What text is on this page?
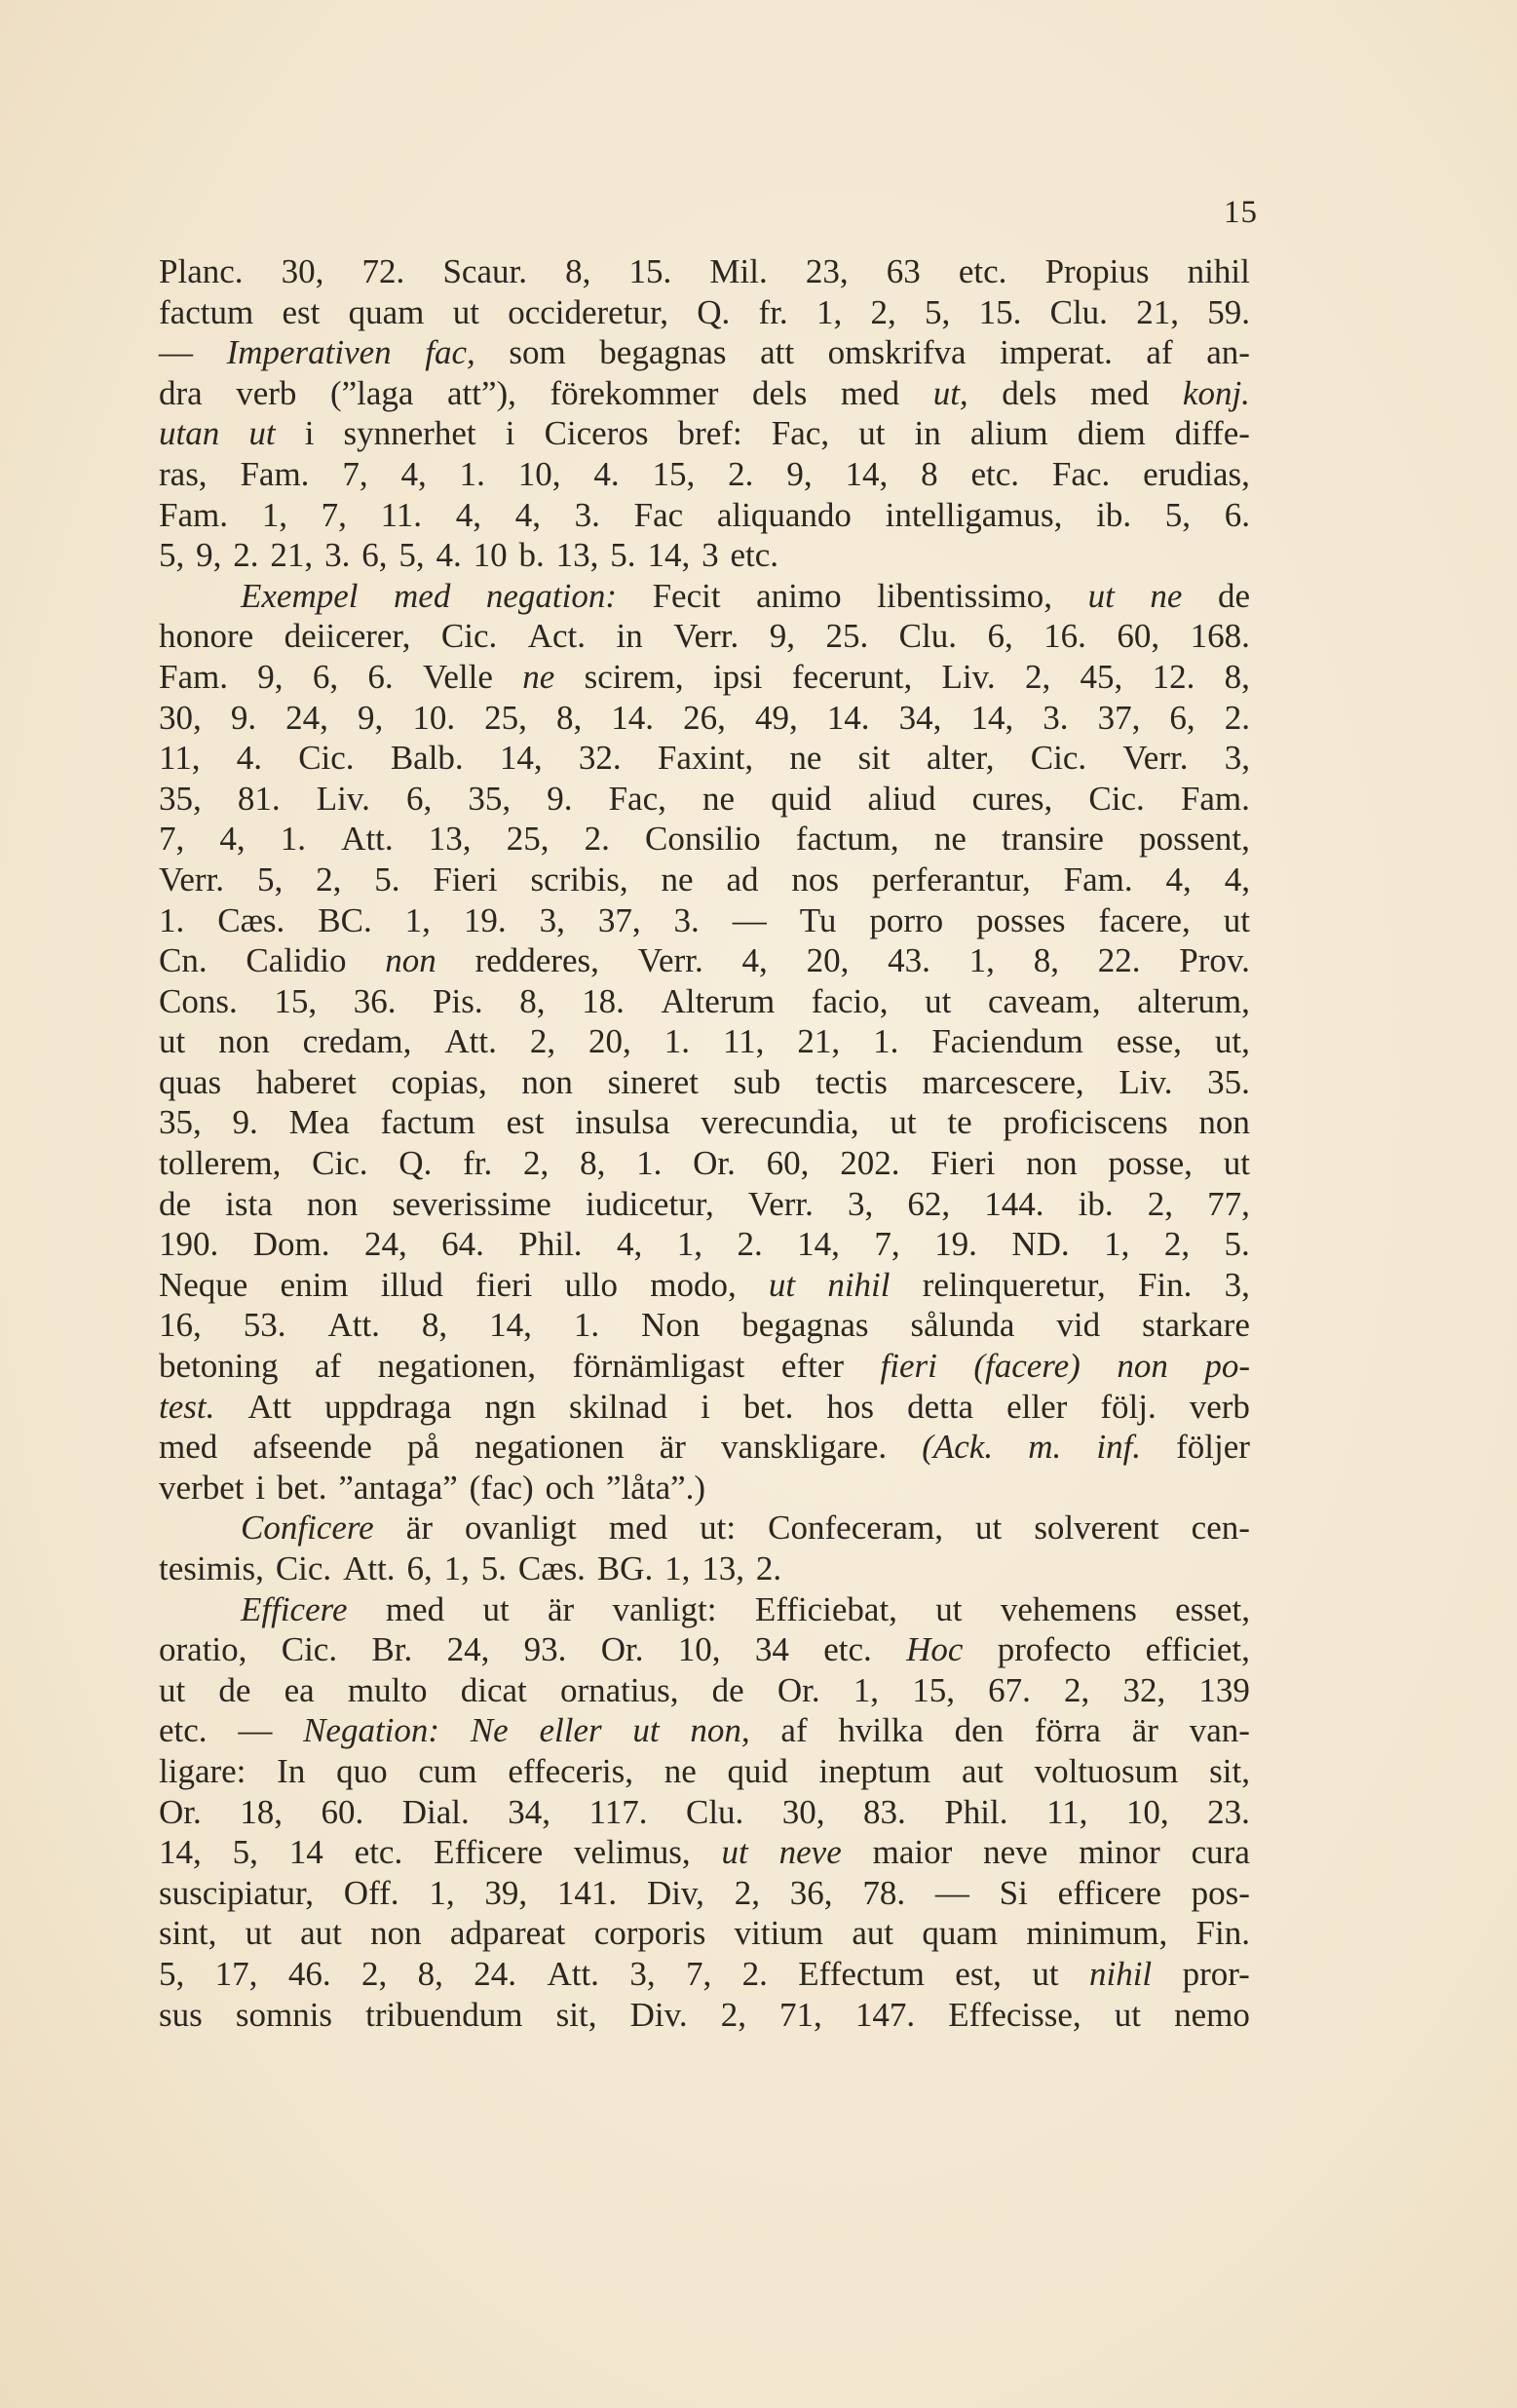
15
Planc. 30, 72. Scaur. 8, 15. Mil. 23, 63 etc. Propius nihil
factum est quam ut occideretur, Q. fr. 1, 2, 5, 15. Clu. 21, 59.
— Imperativen fac, som begagnas att omskrifva imperat. af an-
dra verb (”laga att”), förekommer dels med ut, dels med konj.
utan ut i synnerhet i Ciceros bref: Fac, ut in alium diem diffe-
ras, Fam. 7, 4, 1. 10, 4. 15, 2. 9, 14, 8 etc. Fac. erudias,
Fam. 1, 7, 11. 4, 4, 3. Fac aliquando intelligamus, ib. 5, 6.
5, 9, 2. 21, 3. 6, 5, 4. 10 b. 13, 5. 14, 3 etc.
Exempel med negation: Fecit animo libentissimo, ut ne de
honore deiicerer, Cic. Act. in Verr. 9, 25. Clu. 6, 16. 60, 168.
Fam. 9, 6, 6. Velle ne scirem, ipsi fecerunt, Liv. 2, 45, 12. 8,
30, 9. 24, 9, 10. 25, 8, 14. 26, 49, 14. 34, 14, 3. 37, 6, 2.
11, 4. Cic. Balb. 14, 32. Faxint, ne sit alter, Cic. Verr. 3,
35, 81. Liv. 6, 35, 9. Fac, ne quid aliud cures, Cic. Fam.
7, 4, 1. Att. 13, 25, 2. Consilio factum, ne transire possent,
Verr. 5, 2, 5. Fieri scribis, ne ad nos perferantur, Fam. 4, 4,
1. Cæs. BC. 1, 19. 3, 37, 3. — Tu porro posses facere, ut
Cn. Calidio non redderes, Verr. 4, 20, 43. 1, 8, 22. Prov.
Cons. 15, 36. Pis. 8, 18. Alterum facio, ut caveam, alterum,
ut non credam, Att. 2, 20, 1. 11, 21, 1. Faciendum esse, ut,
quas haberet copias, non sineret sub tectis marcescere, Liv. 35.
35, 9. Mea factum est insulsa verecundia, ut te proficiscens non
tollerem, Cic. Q. fr. 2, 8, 1. Or. 60, 202. Fieri non posse, ut
de ista non severissime iudicetur, Verr. 3, 62, 144. ib. 2, 77,
190. Dom. 24, 64. Phil. 4, 1, 2. 14, 7, 19. ND. 1, 2, 5.
Neque enim illud fieri ullo modo, ut nihil relinqueretur, Fin. 3,
16, 53. Att. 8, 14, 1. Non begagnas sålunda vid starkare
betoning af negationen, förnämligast efter fieri (facere) non po-
test. Att uppdraga ngn skilnad i bet. hos detta eller följ. verb
med afseende på negationen är vanskligare. (Ack. m. inf. följer
verbet i bet. ”antaga” (fac) och ”låta”.)
Conficere är ovanligt med ut: Confeceram, ut solverent cen-
tesimis, Cic. Att. 6, 1, 5. Cæs. BG. 1, 13, 2.
Efficere med ut är vanligt: Efficiebat, ut vehemens esset,
oratio, Cic. Br. 24, 93. Or. 10, 34 etc. Hoc profecto efficiet,
ut de ea multo dicat ornatius, de Or. 1, 15, 67. 2, 32, 139
etc. — Negation: Ne eller ut non, af hvilka den förra är van-
ligare: In quo cum effeceris, ne quid ineptum aut voltuosum sit,
Or. 18, 60. Dial. 34, 117. Clu. 30, 83. Phil. 11, 10, 23.
14, 5, 14 etc. Efficere velimus, ut neve maior neve minor cura
suscipiatur, Off. 1, 39, 141. Div, 2, 36, 78. — Si efficere pos-
sint, ut aut non adpareat corporis vitium aut quam minimum, Fin.
5, 17, 46. 2, 8, 24. Att. 3, 7, 2. Effectum est, ut nihil pror-
sus somnis tribuendum sit, Div. 2, 71, 147. Effecisse, ut nemo
